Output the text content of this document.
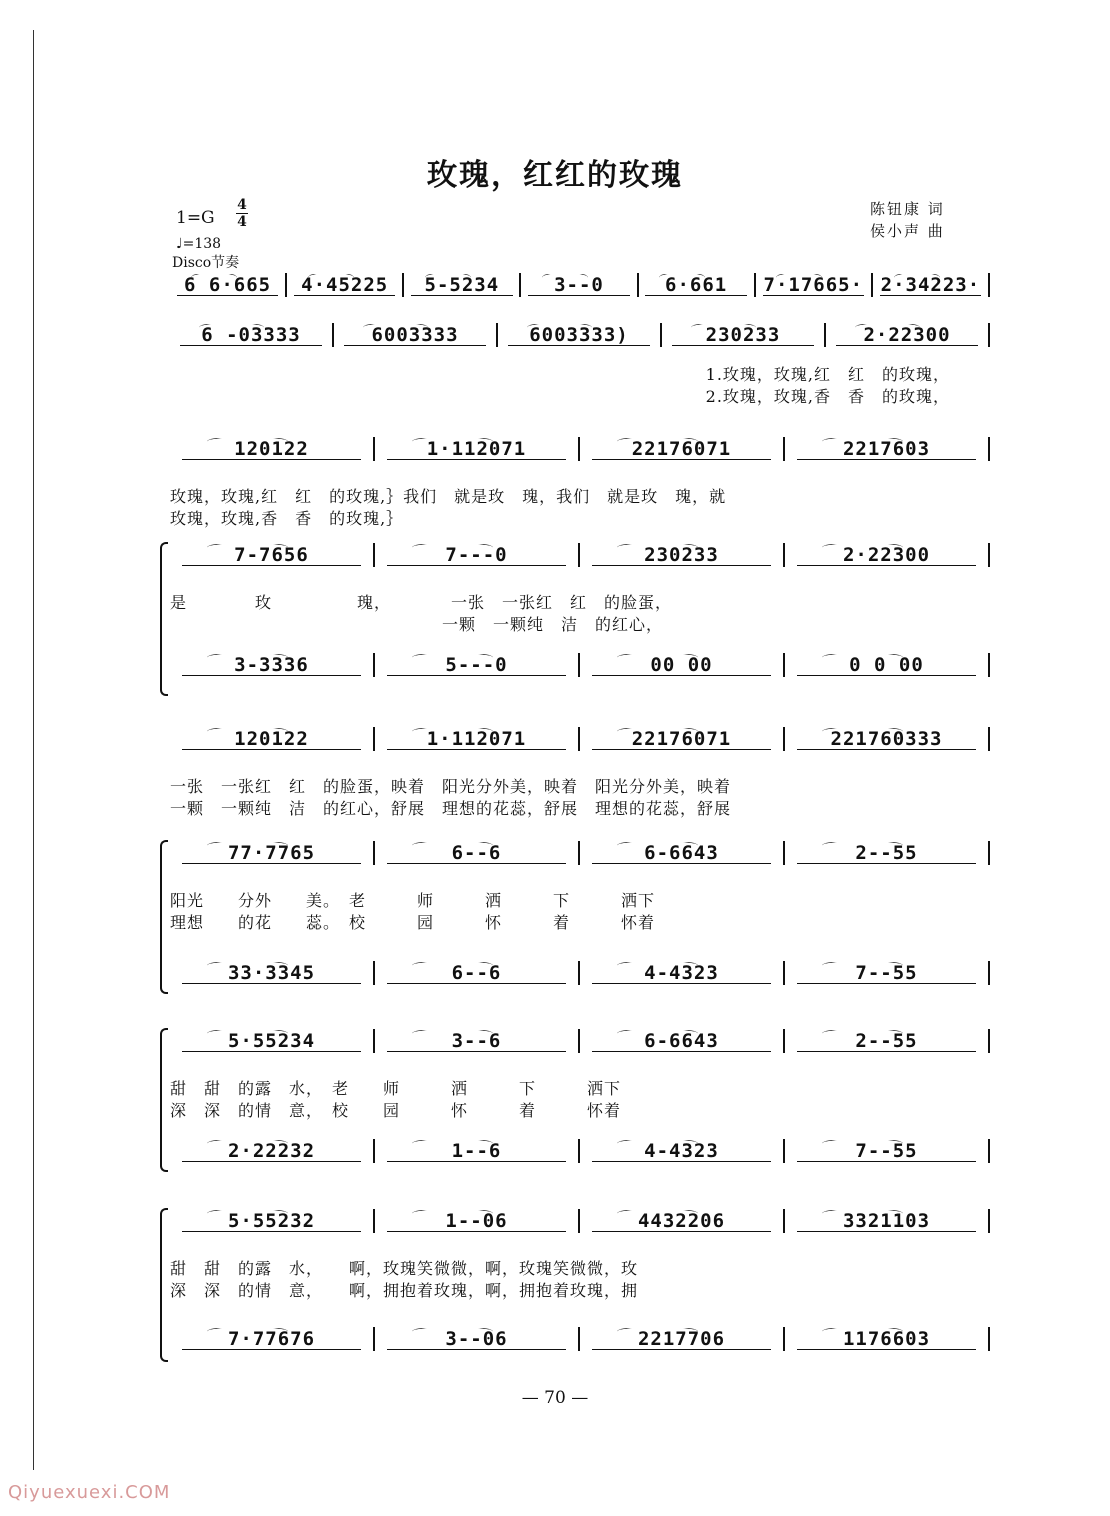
玫瑰，红红的玫瑰
1=G
4
4
♩=138
Disco节奏
陈钮康 词
侯小声 曲
6 6·665	4·45225	5-5234	3--0	6·661	7·17665· 2·34223·
6 -03333	6003333	6003333)	230233	2·22300
1.玫瑰，玫瑰,红　红　的玫瑰，
2.玫瑰，玫瑰,香　香　的玫瑰，
120122	1·112071	22176071	2217603
玫瑰，玫瑰,红　红　的玫瑰,｝我们　就是玫　瑰，我们　就是玫　瑰，就
玫瑰，玫瑰,香　香　的玫瑰,｝
7-7656	7---0	230233	2·22300
是　　　　玫　　　　　瑰，　　　　一张　一张红　红　的脸蛋，
　　　　　　　　　　　　　　　　一颗　一颗纯　洁　的红心，
3-3336	5---0	00 00	0 0 00
120122	1·112071	22176071	221760333
一张　一张红　红　的脸蛋，映着　阳光分外美，映着　阳光分外美，映着
一颗　一颗纯　洁　的红心，舒展　理想的花蕊，舒展　理想的花蕊，舒展
77·7765	6--6	6-6643	2--55
阳光　　分外　　美。　老　　　师　　　洒　　　下　　　洒下
理想　　的花　　蕊。　校　　　园　　　怀　　　着　　　怀着
33·3345	6--6	4-4323	7--55
5·55234	3--6	6-6643	2--55
甜　甜　的露　水，　老　　师　　　洒　　　下　　　洒下
深　深　的情　意，　校　　园　　　怀　　　着　　　怀着
2·22232	1--6	4-4323	7--55
5·55232	1--06	4432206	3321103
甜　甜　的露　水，　　啊，玫瑰笑微微，啊，玫瑰笑微微，玫
深　深　的情　意，　　啊，拥抱着玫瑰，啊，拥抱着玫瑰，拥
7·77676	3--06	2217706	1176603
— 70 —
Qiyuexuexi.COM
